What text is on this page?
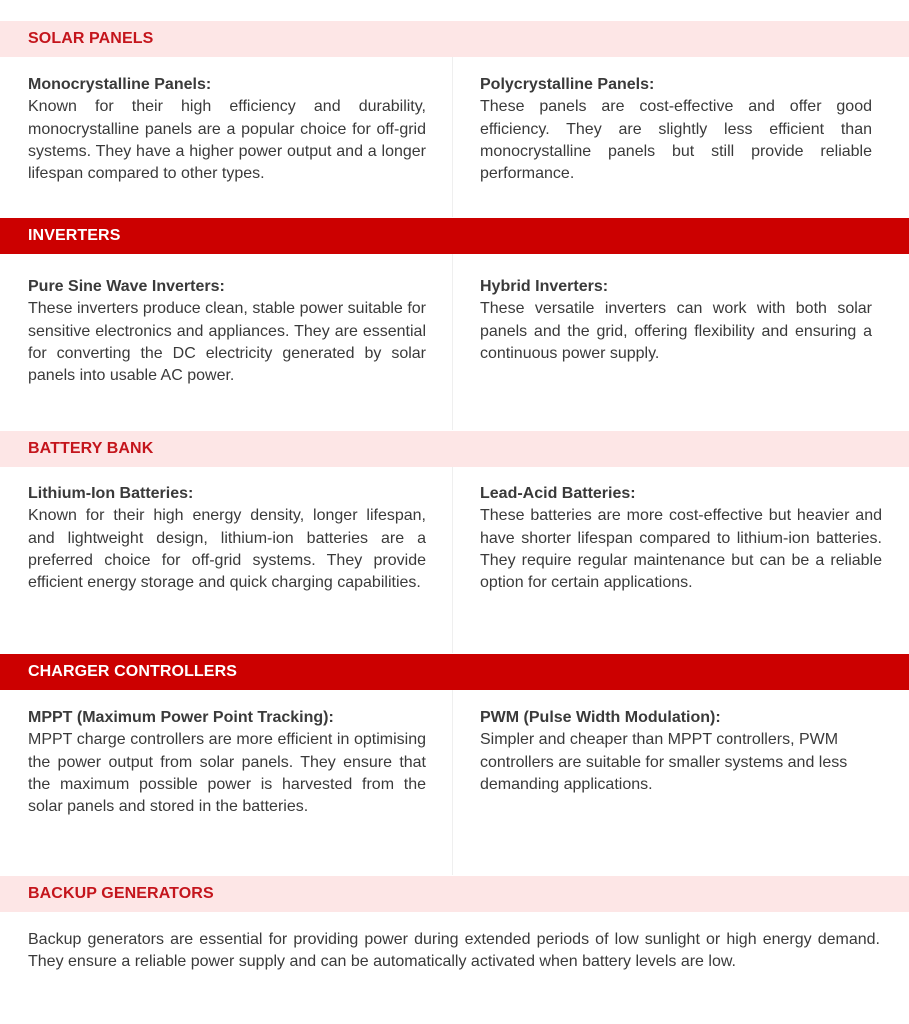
SOLAR PANELS

Monocrystalline Panels:

Known for their high efficiency and durability, monocrystalline panels are a popular choice for off-grid systems. They have a higher power output and a longer lifespan compared to other types.

Polycrystalline Panels:

These panels are cost-effective and offer good efficiency. They are slightly less efficient than monocrystalline panels but still provide reliable performance.

INVERTERS

Pure Sine Wave Inverters:

These inverters produce clean, stable power suitable for sensitive electronics and appliances. They are essential for converting the DC electricity generated by solar panels into usable AC power.

Hybrid Inverters:

These versatile inverters can work with both solar panels and the grid, offering flexibility and ensuring a continuous power supply.

BATTERY BANK

Lithium-Ion Batteries:

Known for their high energy density, longer lifespan, and lightweight design, lithium-ion batteries are a preferred choice for off-grid systems. They provide efficient energy storage and quick charging capabilities.

Lead-Acid Batteries:

These batteries are more cost-effective but heavier and have shorter lifespan compared to lithium-ion batteries. They require regular maintenance but can be a reliable option for certain applications.

CHARGER CONTROLLERS

MPPT (Maximum Power Point Tracking):

MPPT charge controllers are more efficient in optimising the power output from solar panels. They ensure that the maximum possible power is harvested from the solar panels and stored in the batteries.

PWM (Pulse Width Modulation):

Simpler and cheaper than MPPT controllers, PWM controllers are suitable for smaller systems and less demanding applications.

BACKUP GENERATORS

Backup generators are essential for providing power during extended periods of low sunlight or high energy demand. They ensure a reliable power supply and can be automatically activated when battery levels are low.
